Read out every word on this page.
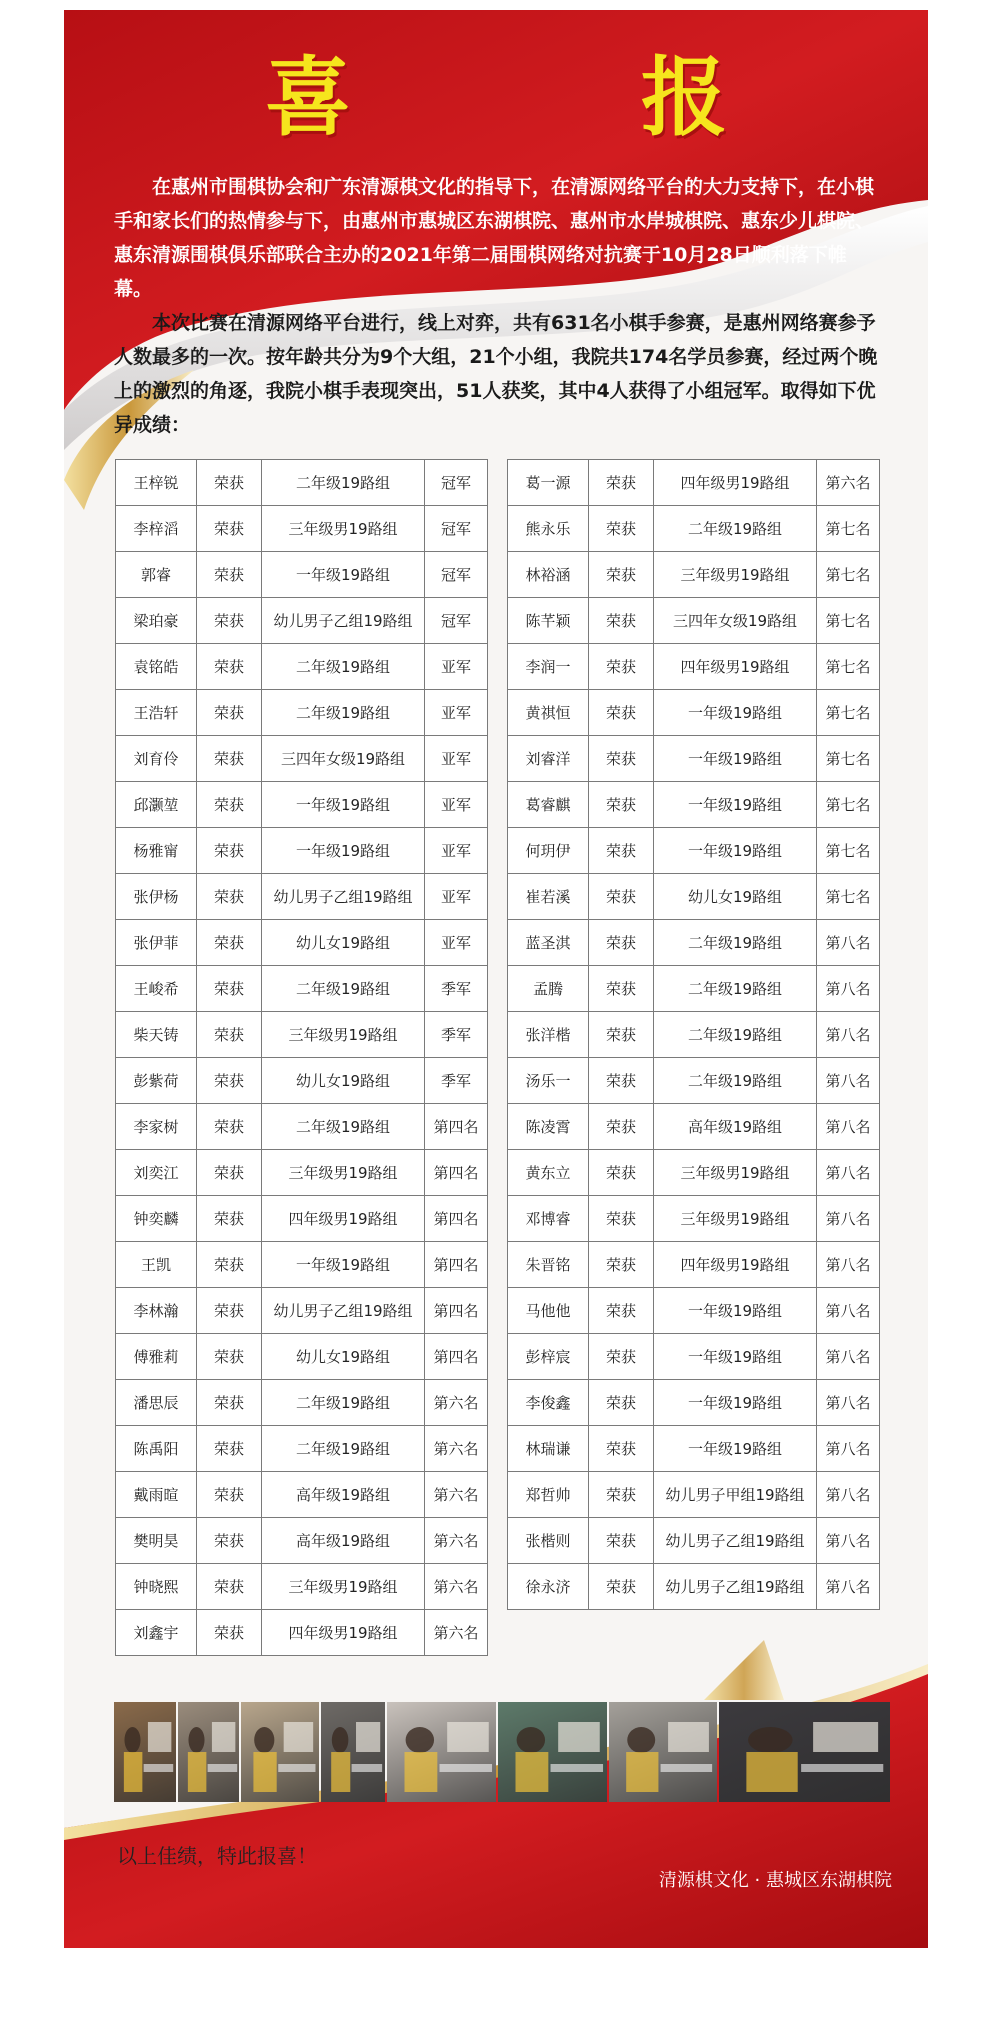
喜 报

在惠州市围棋协会和广东清源棋文化的指导下，在清源网络平台的大力支持下，在小棋手和家长们的热情参与下，由惠州市惠城区东湖棋院、惠州市水岸城棋院、惠东少儿棋院、惠东清源围棋俱乐部联合主办的2021年第二届围棋网络对抗赛于10月28日顺利落下帷幕。

本次比赛在清源网络平台进行，线上对弈，共有631名小棋手参赛，是惠州网络赛参予人数最多的一次。按年龄共分为9个大组，21个小组，我院共174名学员参赛，经过两个晚上的激烈的角逐，我院小棋手表现突出，51人获奖，其中4人获得了小组冠军。取得如下优异成绩：

王梓锐	荣获	二年级19路组	冠军
李梓滔	荣获	三年级男19路组	冠军
郭睿	荣获	一年级19路组	冠军
梁珀豪	荣获	幼儿男子乙组19路组	冠军
袁铭皓	荣获	二年级19路组	亚军
王浩轩	荣获	二年级19路组	亚军
刘育伶	荣获	三四年女级19路组	亚军
邱灏堃	荣获	一年级19路组	亚军
杨雅甯	荣获	一年级19路组	亚军
张伊杨	荣获	幼儿男子乙组19路组	亚军
张伊菲	荣获	幼儿女19路组	亚军
王峻希	荣获	二年级19路组	季军
柴天铸	荣获	三年级男19路组	季军
彭紫荷	荣获	幼儿女19路组	季军
李家树	荣获	二年级19路组	第四名
刘奕江	荣获	三年级男19路组	第四名
钟奕麟	荣获	四年级男19路组	第四名
王凯	荣获	一年级19路组	第四名
李林瀚	荣获	幼儿男子乙组19路组	第四名
傅雅莉	荣获	幼儿女19路组	第四名
潘思辰	荣获	二年级19路组	第六名
陈禹阳	荣获	二年级19路组	第六名
戴雨暄	荣获	高年级19路组	第六名
樊明昊	荣获	高年级19路组	第六名
钟晓熙	荣获	三年级男19路组	第六名
刘鑫宇	荣获	四年级男19路组	第六名
葛一源	荣获	四年级男19路组	第六名
熊永乐	荣获	二年级19路组	第七名
林裕涵	荣获	三年级男19路组	第七名
陈芊颖	荣获	三四年女级19路组	第七名
李润一	荣获	四年级男19路组	第七名
黄祺恒	荣获	一年级19路组	第七名
刘睿洋	荣获	一年级19路组	第七名
葛睿麒	荣获	一年级19路组	第七名
何玥伊	荣获	一年级19路组	第七名
崔若溪	荣获	幼儿女19路组	第七名
蓝圣淇	荣获	二年级19路组	第八名
孟腾	荣获	二年级19路组	第八名
张洋楷	荣获	二年级19路组	第八名
汤乐一	荣获	二年级19路组	第八名
陈凌霄	荣获	高年级19路组	第八名
黄东立	荣获	三年级男19路组	第八名
邓博睿	荣获	三年级男19路组	第八名
朱晋铭	荣获	四年级男19路组	第八名
马他他	荣获	一年级19路组	第八名
彭梓宸	荣获	一年级19路组	第八名
李俊鑫	荣获	一年级19路组	第八名
林瑞谦	荣获	一年级19路组	第八名
郑哲帅	荣获	幼儿男子甲组19路组	第八名
张楷则	荣获	幼儿男子乙组19路组	第八名
徐永济	荣获	幼儿男子乙组19路组	第八名
以上佳绩，特此报喜！
清源棋文化 · 惠城区东湖棋院
